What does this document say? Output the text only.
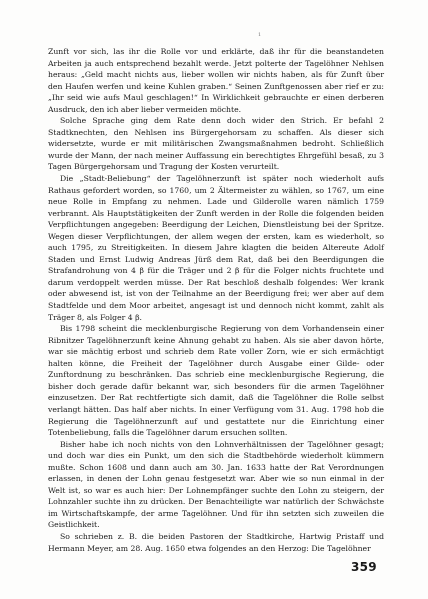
1

Zunft vor sich, las ihr die Rolle vor und erklärte, daß ihr für die beanstandeten Arbeiten ja auch entsprechend bezahlt werde. Jetzt polterte der Tagelöhner Nehlsen heraus: „Geld macht nichts aus, lieber wollen wir nichts haben, als für Zunft über den Haufen werfen und keine Kuhlen graben.“ Seinen Zunftgenossen aber rief er zu: „Ihr seid wie aufs Maul geschlagen!“ In Wirklichkeit gebrauchte er einen derberen Ausdruck, den ich aber lieber vermeiden möchte.

Solche Sprache ging dem Rate denn doch wider den Strich. Er befahl 2 Stadtknechten, den Nehlsen ins Bürgergehorsam zu schaffen. Als dieser sich widersetzte, wurde er mit militärischen Zwangsmaßnahmen bedroht. Schließlich wurde der Mann, der nach meiner Auffassung ein berechtigtes Ehrgefühl besaß, zu 3 Tagen Bürgergehorsam und Tragung der Kosten verurteilt.

Die „Stadt-Beliebung“ der Tagelöhnerzunft ist später noch wiederholt aufs Rathaus gefordert worden, so 1760, um 2 Ältermeister zu wählen, so 1767, um eine neue Rolle in Empfang zu nehmen. Lade und Gilderolle waren nämlich 1759 verbrannt. Als Hauptstätigkeiten der Zunft werden in der Rolle die folgenden beiden Verpflichtungen angegeben: Beerdigung der Leichen, Dienstleistung bei der Spritze. Wegen dieser Verpflichtungen, der allem wegen der ersten, kam es wiederholt, so auch 1795, zu Streitigkeiten. In diesem Jahre klagten die beiden Altereute Adolf Staden und Ernst Ludwig Andreas Jürß dem Rat, daß bei den Beerdigungen die Strafandrohung von 4 β für die Träger und 2 β für die Folger nichts fruchtete und darum verdoppelt werden müsse. Der Rat beschloß deshalb folgendes: Wer krank oder abwesend ist, ist von der Teilnahme an der Beerdigung frei; wer aber auf dem Stadtfelde und dem Moor arbeitet, angesagt ist und dennoch nicht kommt, zahlt als Träger 8, als Folger 4 β.

Bis 1798 scheint die mecklenburgische Regierung von dem Vorhandensein einer Ribnitzer Tagelöhnerzunft keine Ahnung gehabt zu haben. Als sie aber davon hörte, war sie mächtig erbost und schrieb dem Rate voller Zorn, wie er sich ermächtigt halten könne, die Freiheit der Tagelöhner durch Ausgabe einer Gilde- oder Zunftordnung zu beschränken. Das schrieb eine mecklenburgische Regierung, die bisher doch gerade dafür bekannt war, sich besonders für die armen Tagelöhner einzusetzen. Der Rat rechtfertigte sich damit, daß die Tagelöhner die Rolle selbst verlangt hätten. Das half aber nichts. In einer Verfügung vom 31. Aug. 1798 hob die Regierung die Tagelöhnerzunft auf und gestattete nur die Einrichtung einer Totenbeliebung, falls die Tagelöhner darum ersuchen sollten.

Bisher habe ich noch nichts von den Lohnverhältnissen der Tagelöhner gesagt; und doch war dies ein Punkt, um den sich die Stadtbehörde wiederholt kümmern mußte. Schon 1608 und dann auch am 30. Jan. 1633 hatte der Rat Verordnungen erlassen, in denen der Lohn genau festgesetzt war. Aber wie so nun einmal in der Welt ist, so war es auch hier: Der Lohnempfänger suchte den Lohn zu steigern, der Lohnzahler suchte ihn zu drücken. Der Benachteiligte war natürlich der Schwächste im Wirtschaftskampfe, der arme Tagelöhner. Und für ihn setzten sich zuweilen die Geistlichkeit.

So schrieben z. B. die beiden Pastoren der Stadtkirche, Hartwig Pristaff und Hermann Meyer, am 28. Aug. 1650 etwa folgendes an den Herzog: Die Tagelöhner

359
